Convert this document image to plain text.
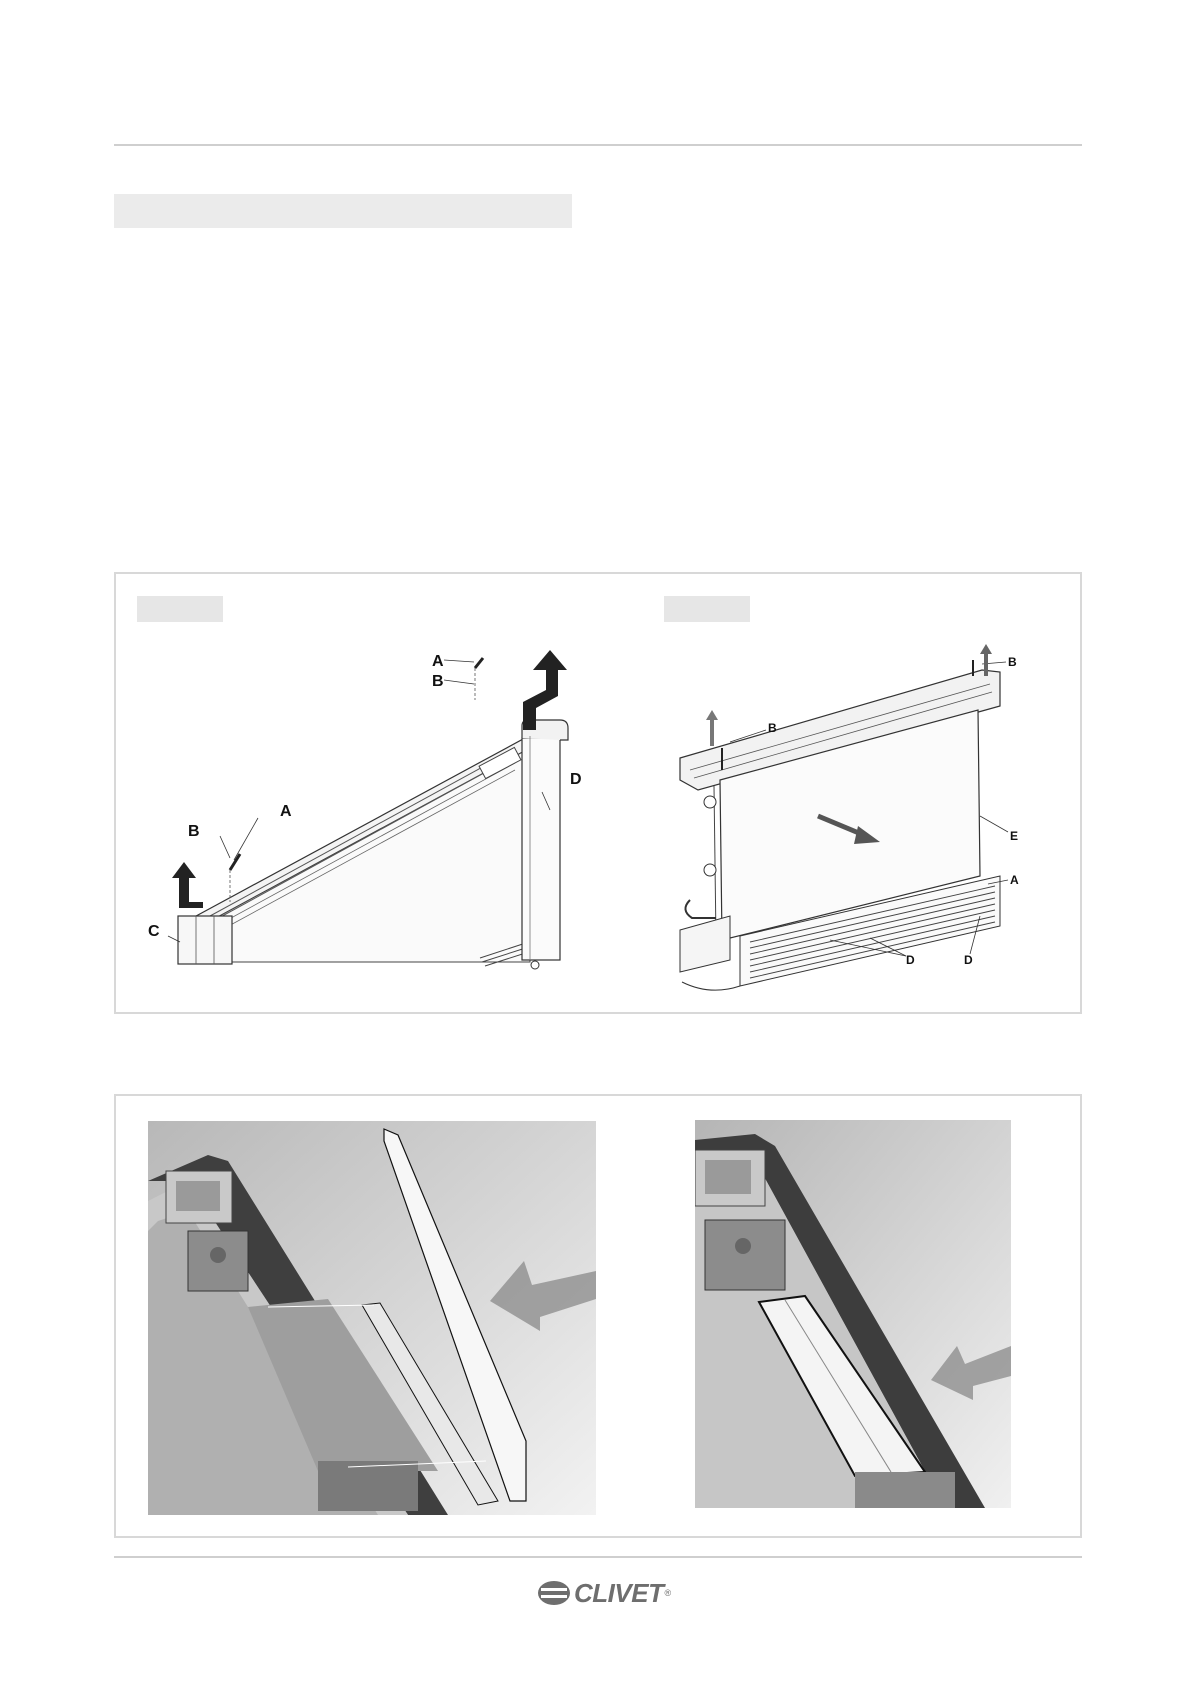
A
B
A
B
C
D
B
B
E
A
D	D
CLIVET ®
